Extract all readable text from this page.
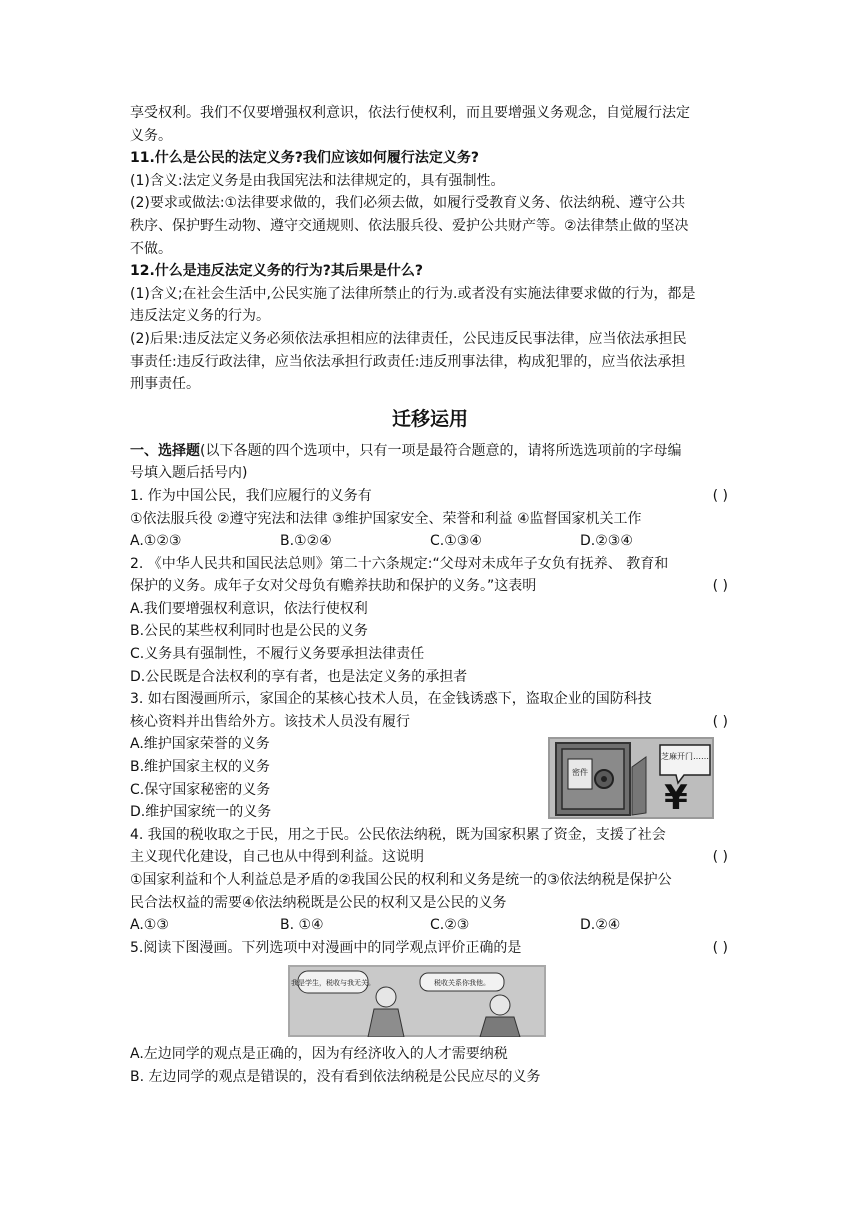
享受权利。我们不仅要增强权利意识，依法行使权利，而且要增强义务观念，自觉履行法定

义务。

11.什么是公民的法定义务?我们应该如何履行法定义务?

(1)含义:法定义务是由我国宪法和法律规定的，具有强制性。

(2)要求或做法:①法律要求做的，我们必须去做，如履行受教育义务、依法纳税、遵守公共

秩序、保护野生动物、遵守交通规则、依法服兵役、爱护公共财产等。②法律禁止做的坚决

不做。

12.什么是违反法定义务的行为?其后果是什么?

(1)含义;在社会生活中,公民实施了法律所禁止的行为.或者没有实施法律要求做的行为，都是

违反法定义务的行为。

(2)后果:违反法定义务必须依法承担相应的法律责任，公民违反民事法律，应当依法承担民

事责任:违反行政法律，应当依法承担行政责任:违反刑事法律，构成犯罪的，应当依法承担

刑事责任。

迁移运用

一、选择题(以下各题的四个选项中，只有一项是最符合题意的，请将所选选项前的字母编

号填入题后括号内)

1. 作为中国公民，我们应履行的义务有	( )

①依法服兵役 ②遵守宪法和法律 ③维护国家安全、荣誉和利益 ④监督国家机关工作

A.①②③	B.①②④	C.①③④	D.②③④

2. 《中华人民共和国民法总则》第二十六条规定:“父母对未成年子女负有抚养、 教育和

保护的义务。成年子女对父母负有赡养扶助和保护的义务。”这表明	( )

A.我们要增强权利意识，依法行使权利

B.公民的某些权利同时也是公民的义务

C.义务具有强制性，不履行义务要承担法律责任

D.公民既是合法权利的享有者，也是法定义务的承担者

3. 如右图漫画所示，家国企的某核心技术人员，在金钱诱惑下，盗取企业的国防科技

核心资料并出售给外方。该技术人员没有履行	( )

A.维护国家荣誉的义务

B.维护国家主权的义务

C.保守国家秘密的义务

D.维护国家统一的义务

密件
芝麻开门……
¥

4. 我国的税收取之于民，用之于民。公民依法纳税，既为国家积累了资金，支援了社会

主义现代化建设，自己也从中得到利益。这说明	( )

①国家利益和个人利益总是矛盾的②我国公民的权利和义务是统一的③依法纳税是保护公

民合法权益的需要④依法纳税既是公民的权利又是公民的义务

A.①③	B. ①④	C.②③	D.②④

5.阅读下图漫画。下列选项中对漫画中的同学观点评价正确的是	( )

我是学生，税收与我无关。	税收关系你我他。

A.左边同学的观点是正确的，因为有经济收入的人才需要纳税

B. 左边同学的观点是错误的，没有看到依法纳税是公民应尽的义务
